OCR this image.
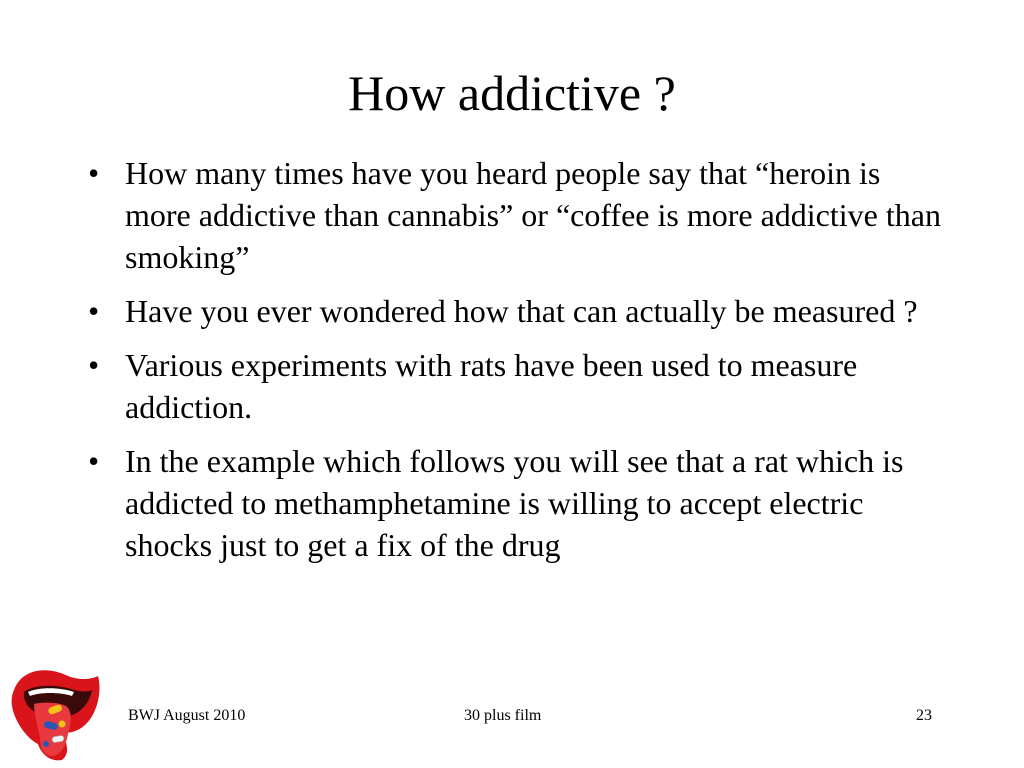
How addictive ?
• How many times have you heard people say that “heroin is more addictive than cannabis” or “coffee is more addictive than smoking”
• Have you ever wondered how that can actually be measured ?
• Various experiments with rats have been used to measure addiction.
• In the example which follows you will see that a rat which is addicted to methamphetamine is willing to accept electric shocks just to get a fix of the drug
BWJ August 2010	30 plus film	23
